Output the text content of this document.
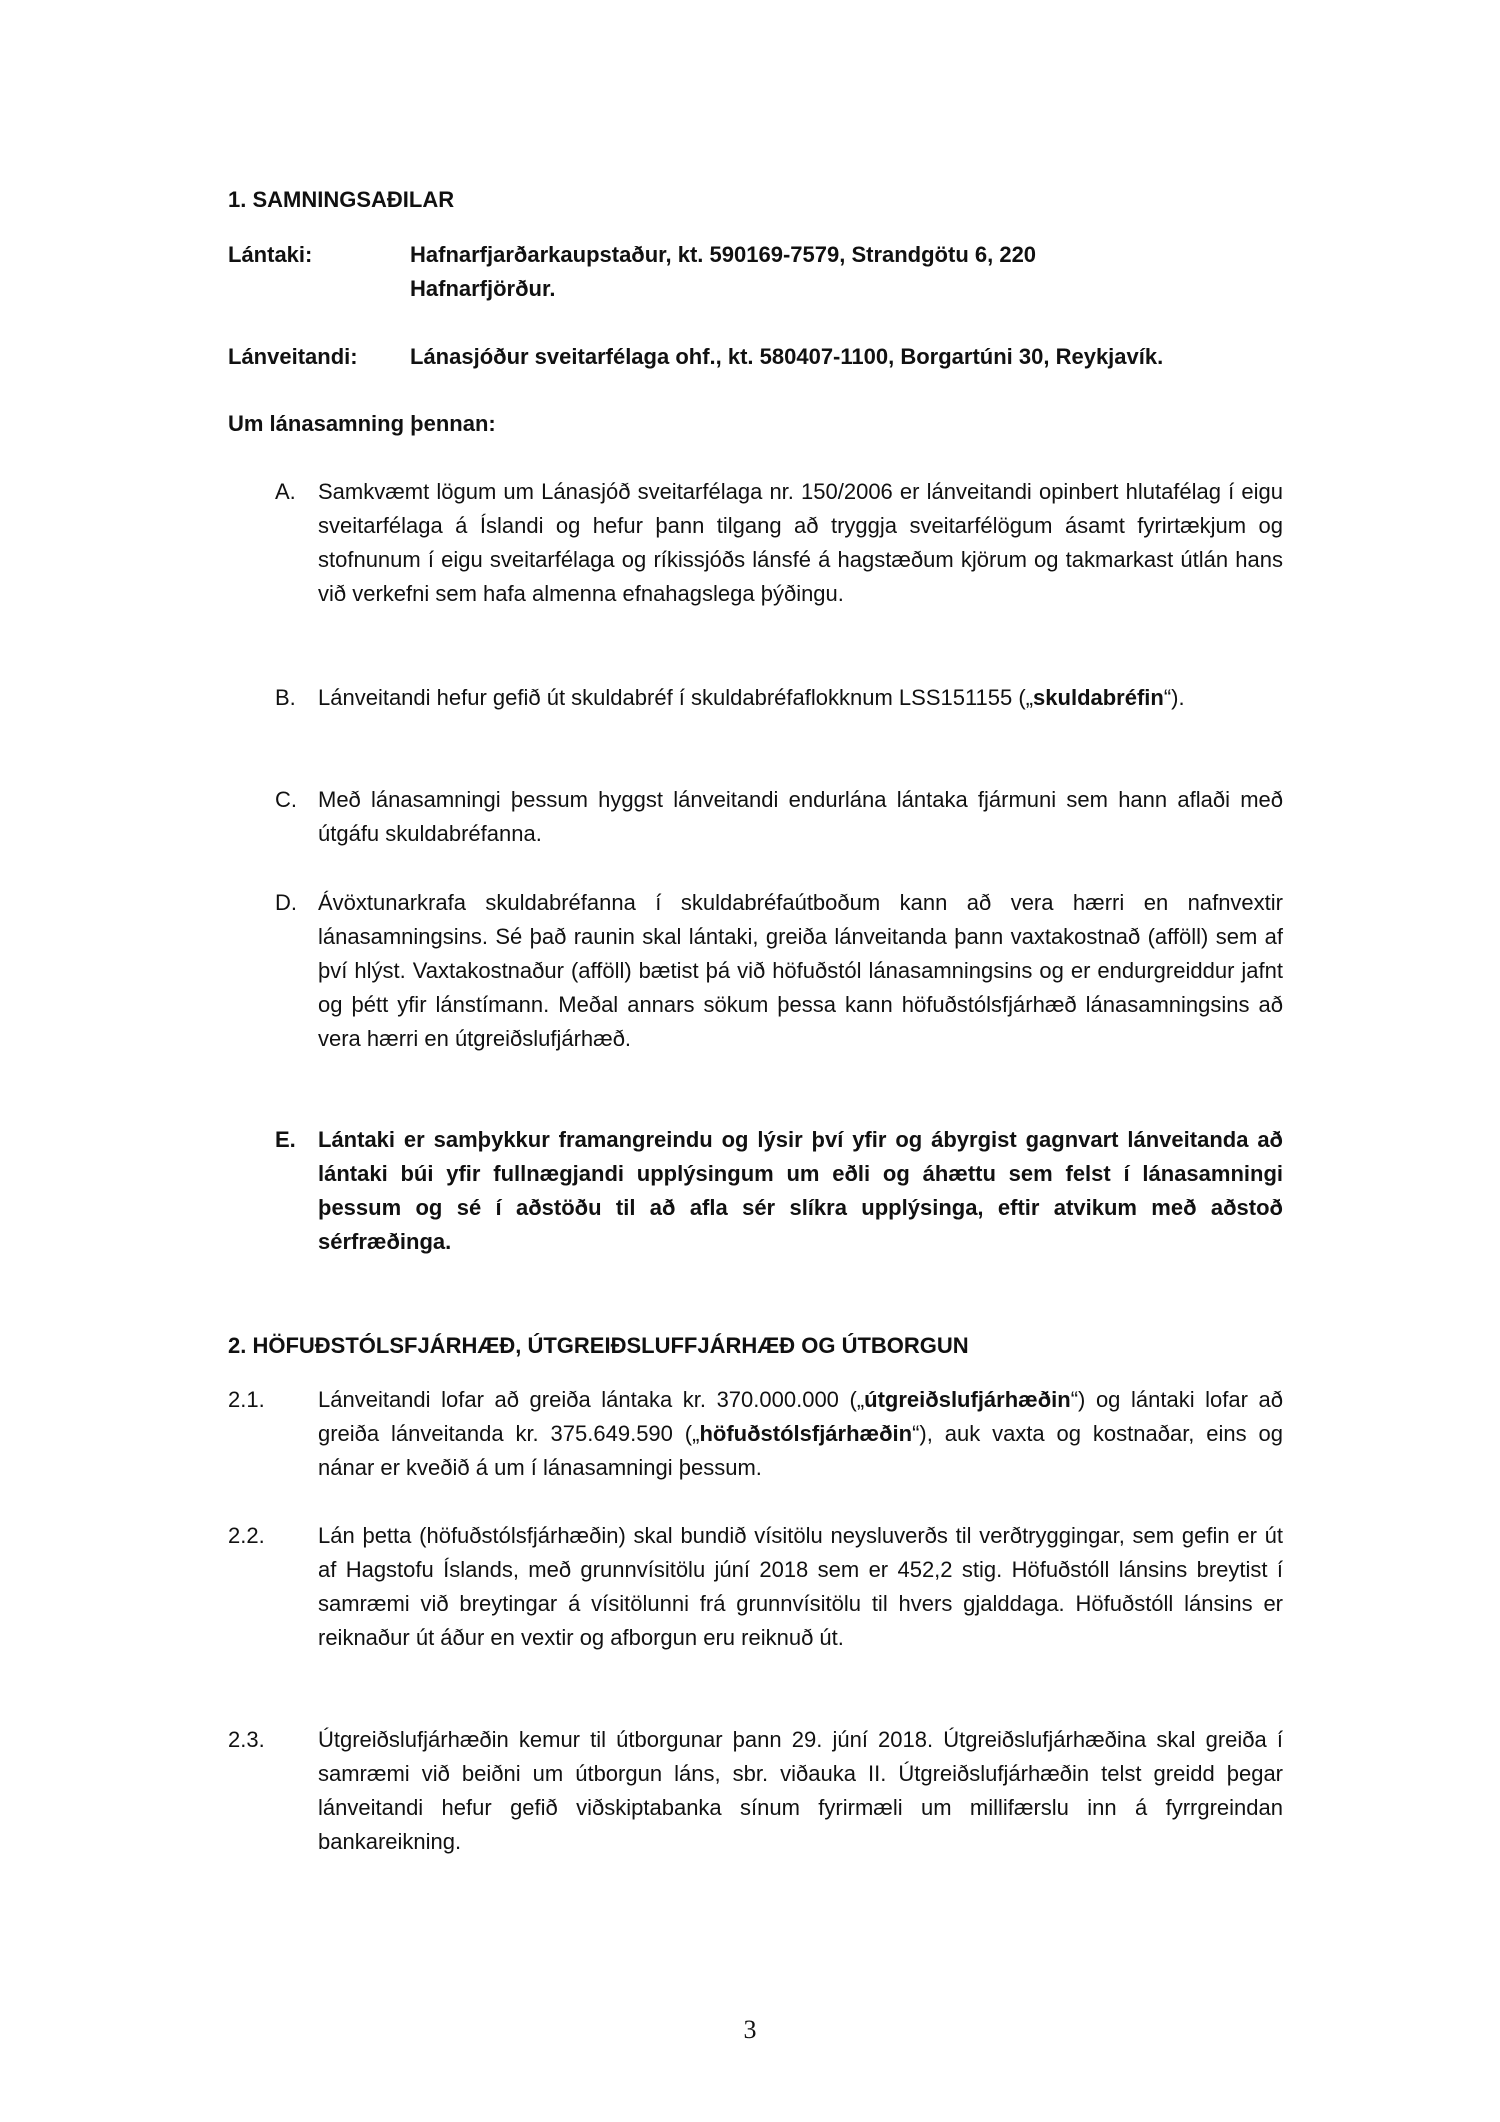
1. SAMNINGSAÐILAR
Lántaki:	Hafnarfjarðarkaupstaður, kt. 590169-7579, Strandgötu 6, 220 Hafnarfjörður.
Lánveitandi: Lánasjóður sveitarfélaga ohf., kt. 580407-1100, Borgartúni 30, Reykjavík.
Um lánasamning þennan:
A. Samkvæmt lögum um Lánasjóð sveitarfélaga nr. 150/2006 er lánveitandi opinbert hlutafélag í eigu sveitarfélaga á Íslandi og hefur þann tilgang að tryggja sveitarfélögum ásamt fyrirtækjum og stofnunum í eigu sveitarfélaga og ríkissjóðs lánsfé á hagstæðum kjörum og takmarkast útlán hans við verkefni sem hafa almenna efnahagslega þýðingu.
B. Lánveitandi hefur gefið út skuldabréf í skuldabréfaflokknum LSS151155 („skuldabréfin“).
C. Með lánasamningi þessum hyggst lánveitandi endurlána lántaka fjármuni sem hann aflaði með útgáfu skuldabréfanna.
D. Ávöxtunarkrafa skuldabréfanna í skuldabréfaútboðum kann að vera hærri en nafnvextir lánasamningsins. Sé það raunin skal lántaki, greiða lánveitanda þann vaxtakostnað (afföll) sem af því hlýst. Vaxtakostnaður (afföll) bætist þá við höfuðstól lánasamningsins og er endurgreiddur jafnt og þétt yfir lánstímann. Meðal annars sökum þessa kann höfuðstólsfjárhæð lánasamningsins að vera hærri en útgreiðslufjárhæð.
E. Lántaki er samþykkur framangreindu og lýsir því yfir og ábyrgist gagnvart lánveitanda að lántaki búi yfir fullnægjandi upplýsingum um eðli og áhættu sem felst í lánasamningi þessum og sé í aðstöðu til að afla sér slíkra upplýsinga, eftir atvikum með aðstoð sérfræðinga.
2. HÖFUÐSTÓLSFJÁRHÆÐ, ÚTGREIÐSLUFFJÁRHÆÐ OG ÚTBORGUN
2.1. Lánveitandi lofar að greiða lántaka kr. 370.000.000 („útgreiðslufjárhæðin“) og lántaki lofar að greiða lánveitanda kr. 375.649.590 („höfuðstólsfjárhæðin“), auk vaxta og kostnaðar, eins og nánar er kveðið á um í lánasamningi þessum.
2.2. Lán þetta (höfuðstólsfjárhæðin) skal bundið vísitölu neysluverðs til verðtryggingar, sem gefin er út af Hagstofu Íslands, með grunnvísitölu júní 2018 sem er 452,2 stig. Höfuðstóll lánsins breytist í samræmi við breytingar á vísitölunni frá grunnvísitölu til hvers gjalddaga. Höfuðstóll lánsins er reiknaður út áður en vextir og afborgun eru reiknuð út.
2.3. Útgreiðslufjárhæðin kemur til útborgunar þann 29. júní 2018. Útgreiðslufjárhæðina skal greiða í samræmi við beiðni um útborgun láns, sbr. viðauka II. Útgreiðslufjárhæðin telst greidd þegar lánveitandi hefur gefið viðskiptabanka sínum fyrirmæli um millifærslu inn á fyrrgreindan bankareikning.
3
